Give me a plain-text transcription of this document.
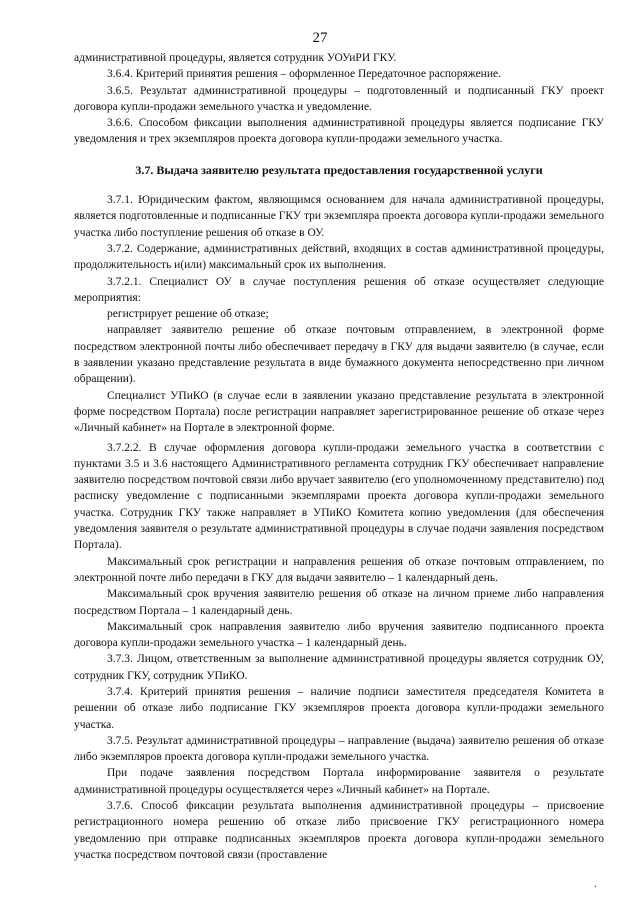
27

административной процедуры, является сотрудник УОУиРИ ГКУ.

3.6.4. Критерий принятия решения – оформленное Передаточное распоряжение.

3.6.5. Результат административной процедуры – подготовленный и подписанный ГКУ проект договора купли-продажи земельного участка и уведомление.

3.6.6. Способом фиксации выполнения административной процедуры является подписание ГКУ уведомления и трех экземпляров проекта договора купли-продажи земельного участка.

3.7. Выдача заявителю результата предоставления государственной услуги

3.7.1. Юридическим фактом, являющимся основанием для начала административной процедуры, является подготовленные и подписанные ГКУ три экземпляра проекта договора купли-продажи земельного участка либо поступление решения об отказе в ОУ.

3.7.2. Содержание, административных действий, входящих в состав административной процедуры, продолжительность и(или) максимальный срок их выполнения.

3.7.2.1. Специалист ОУ в случае поступления решения об отказе осуществляет следующие мероприятия:

регистрирует решение об отказе;

направляет заявителю решение об отказе почтовым отправлением, в электронной форме посредством электронной почты либо обеспечивает передачу в ГКУ для выдачи заявителю (в случае, если в заявлении указано представление результата в виде бумажного документа непосредственно при личном обращении).

Специалист УПиКО (в случае если в заявлении указано представление результата в электронной форме посредством Портала) после регистрации направляет зарегистрированное решение об отказе через «Личный кабинет» на Портале в электронной форме.

3.7.2.2. В случае оформления договора купли-продажи земельного участка в соответствии с пунктами 3.5 и 3.6 настоящего Административного регламента сотрудник ГКУ обеспечивает направление заявителю посредством почтовой связи либо вручает заявителю (его уполномоченному представителю) под расписку уведомление с подписанными экземплярами проекта договора купли-продажи земельного участка. Сотрудник ГКУ также направляет в УПиКО Комитета копию уведомления (для обеспечения уведомления заявителя о результате административной процедуры в случае подачи заявления посредством Портала).

Максимальный срок регистрации и направления решения об отказе почтовым отправлением, по электронной почте либо передачи в ГКУ для выдачи заявителю – 1 календарный день.

Максимальный срок вручения заявителю решения об отказе на личном приеме либо направления посредством Портала – 1 календарный день.

Максимальный срок направления заявителю либо вручения заявителю подписанного проекта договора купли-продажи земельного участка – 1 календарный день.

3.7.3. Лицом, ответственным за выполнение административной процедуры является сотрудник ОУ, сотрудник ГКУ, сотрудник УПиКО.

3.7.4. Критерий принятия решения – наличие подписи заместителя председателя Комитета в решении об отказе либо подписание ГКУ экземпляров проекта договора купли-продажи земельного участка.

3.7.5. Результат административной процедуры – направление (выдача) заявителю решения об отказе либо экземпляров проекта договора купли-продажи земельного участка.

При подаче заявления посредством Портала информирование заявителя о результате административной процедуры осуществляется через «Личный кабинет» на Портале.

3.7.6. Способ фиксации результата выполнения административной процедуры – присвоение регистрационного номера решению об отказе либо присвоение ГКУ регистрационного номера уведомлению при отправке подписанных экземпляров проекта договора купли-продажи земельного участка посредством почтовой связи (проставление

.
